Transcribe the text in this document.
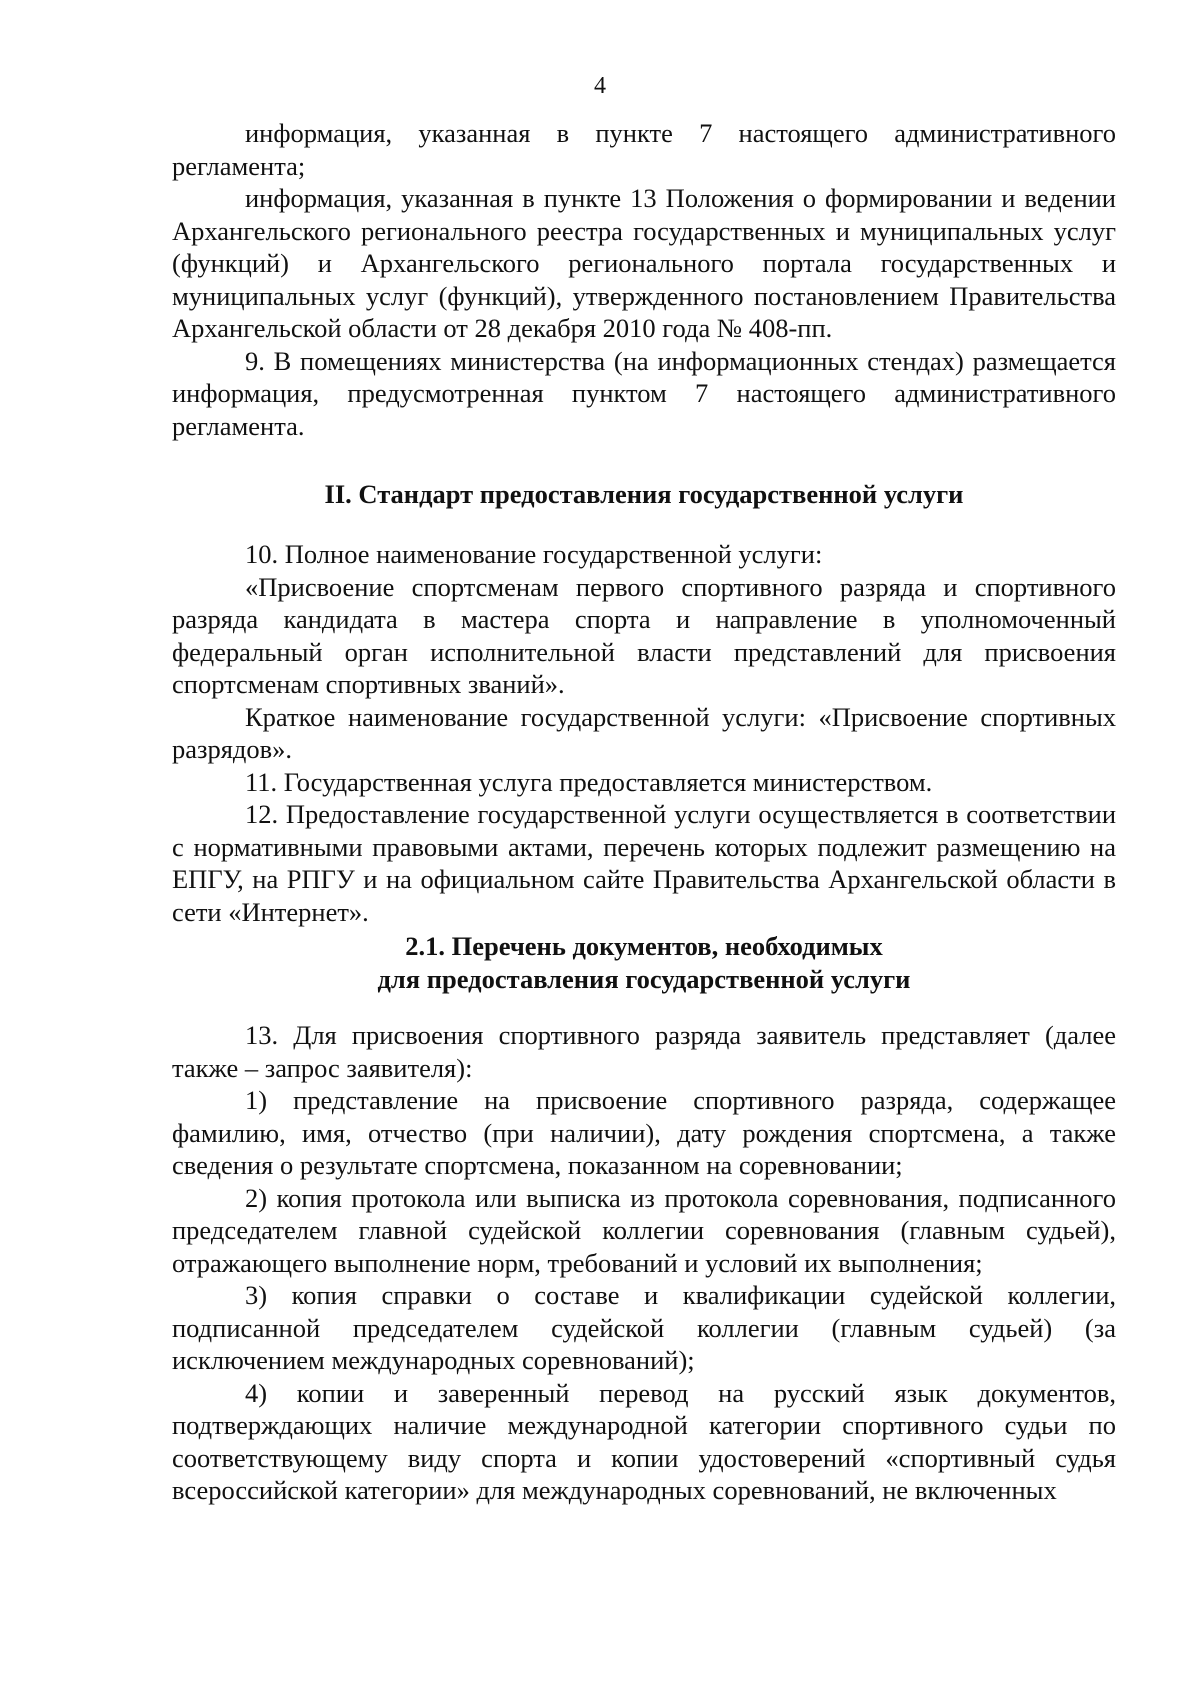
4

информация, указанная в пункте 7 настоящего административного регламента;

информация, указанная в пункте 13 Положения о формировании и ведении Архангельского регионального реестра государственных и муниципальных услуг (функций) и Архангельского регионального портала государственных и муниципальных услуг (функций), утвержденного постановлением Правительства Архангельской области от 28 декабря 2010 года № 408-пп.

9. В помещениях министерства (на информационных стендах) размещается информация, предусмотренная пунктом 7 настоящего административного регламента.

II. Стандарт предоставления государственной услуги

10. Полное наименование государственной услуги:

«Присвоение спортсменам первого спортивного разряда и спортивного разряда кандидата в мастера спорта и направление в уполномоченный федеральный орган исполнительной власти представлений для присвоения спортсменам спортивных званий».

Краткое наименование государственной услуги: «Присвоение спортивных разрядов».

11. Государственная услуга предоставляется министерством.

12. Предоставление государственной услуги осуществляется в соответствии с нормативными правовыми актами, перечень которых подлежит размещению на ЕПГУ, на РПГУ и на официальном сайте Правительства Архангельской области в сети «Интернет».

2.1. Перечень документов, необходимых

для предоставления государственной услуги

13. Для присвоения спортивного разряда заявитель представляет (далее также – запрос заявителя):

1) представление на присвоение спортивного разряда, содержащее фамилию, имя, отчество (при наличии), дату рождения спортсмена, а также сведения о результате спортсмена, показанном на соревновании;

2) копия протокола или выписка из протокола соревнования, подписанного председателем главной судейской коллегии соревнования (главным судьей), отражающего выполнение норм, требований и условий их выполнения;

3) копия справки о составе и квалификации судейской коллегии, подписанной председателем судейской коллегии (главным судьей) (за исключением международных соревнований);

4) копии и заверенный перевод на русский язык документов, подтверждающих наличие международной категории спортивного судьи по соответствующему виду спорта и копии удостоверений «спортивный судья всероссийской категории» для международных соревнований, не включенных
